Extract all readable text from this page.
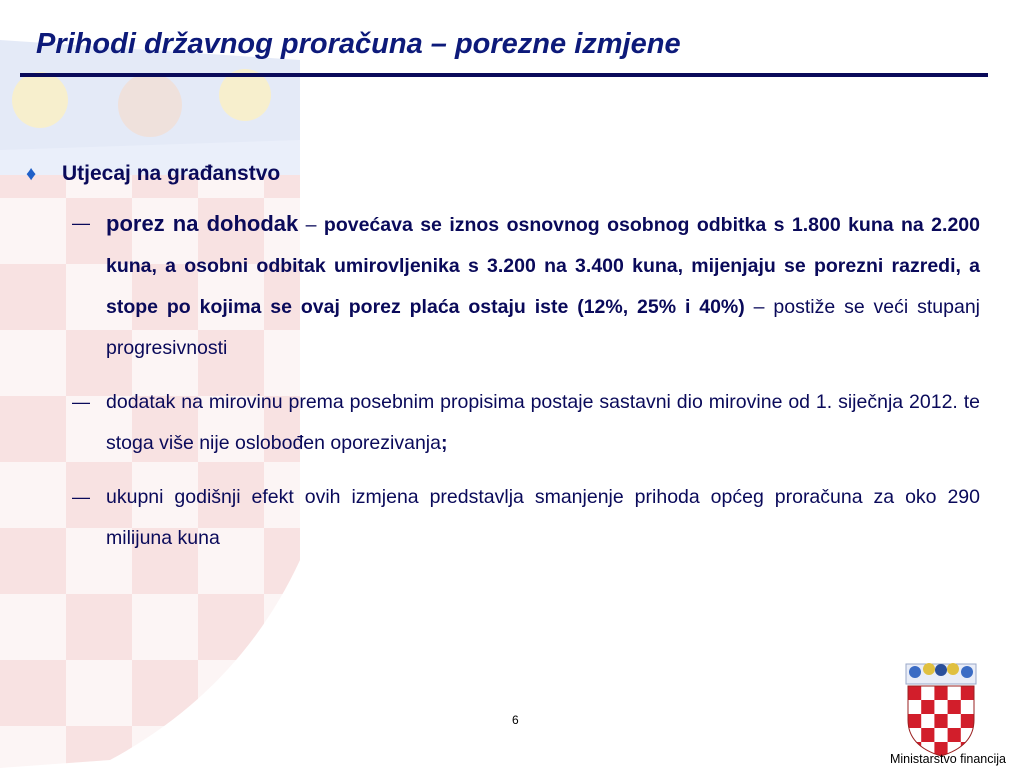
Prihodi državnog proračuna – porezne izmjene
♦	Utjecaj na građanstvo
— porez na dohodak – povećava se iznos osnovnog osobnog odbitka s 1.800 kuna na 2.200 kuna, a osobni odbitak umirovljenika s 3.200 na 3.400 kuna, mijenjaju se porezni razredi, a stope po kojima se ovaj porez plaća ostaju iste (12%, 25% i 40%) – postiže se veći stupanj progresivnosti
— dodatak na mirovinu prema posebnim propisima postaje sastavni dio mirovine od 1. siječnja 2012. te stoga više nije oslobođen oporezivanja;
— ukupni godišnji efekt ovih izmjena predstavlja smanjenje prihoda općeg proračuna za oko 290 milijuna kuna
6
Ministarstvo financija
